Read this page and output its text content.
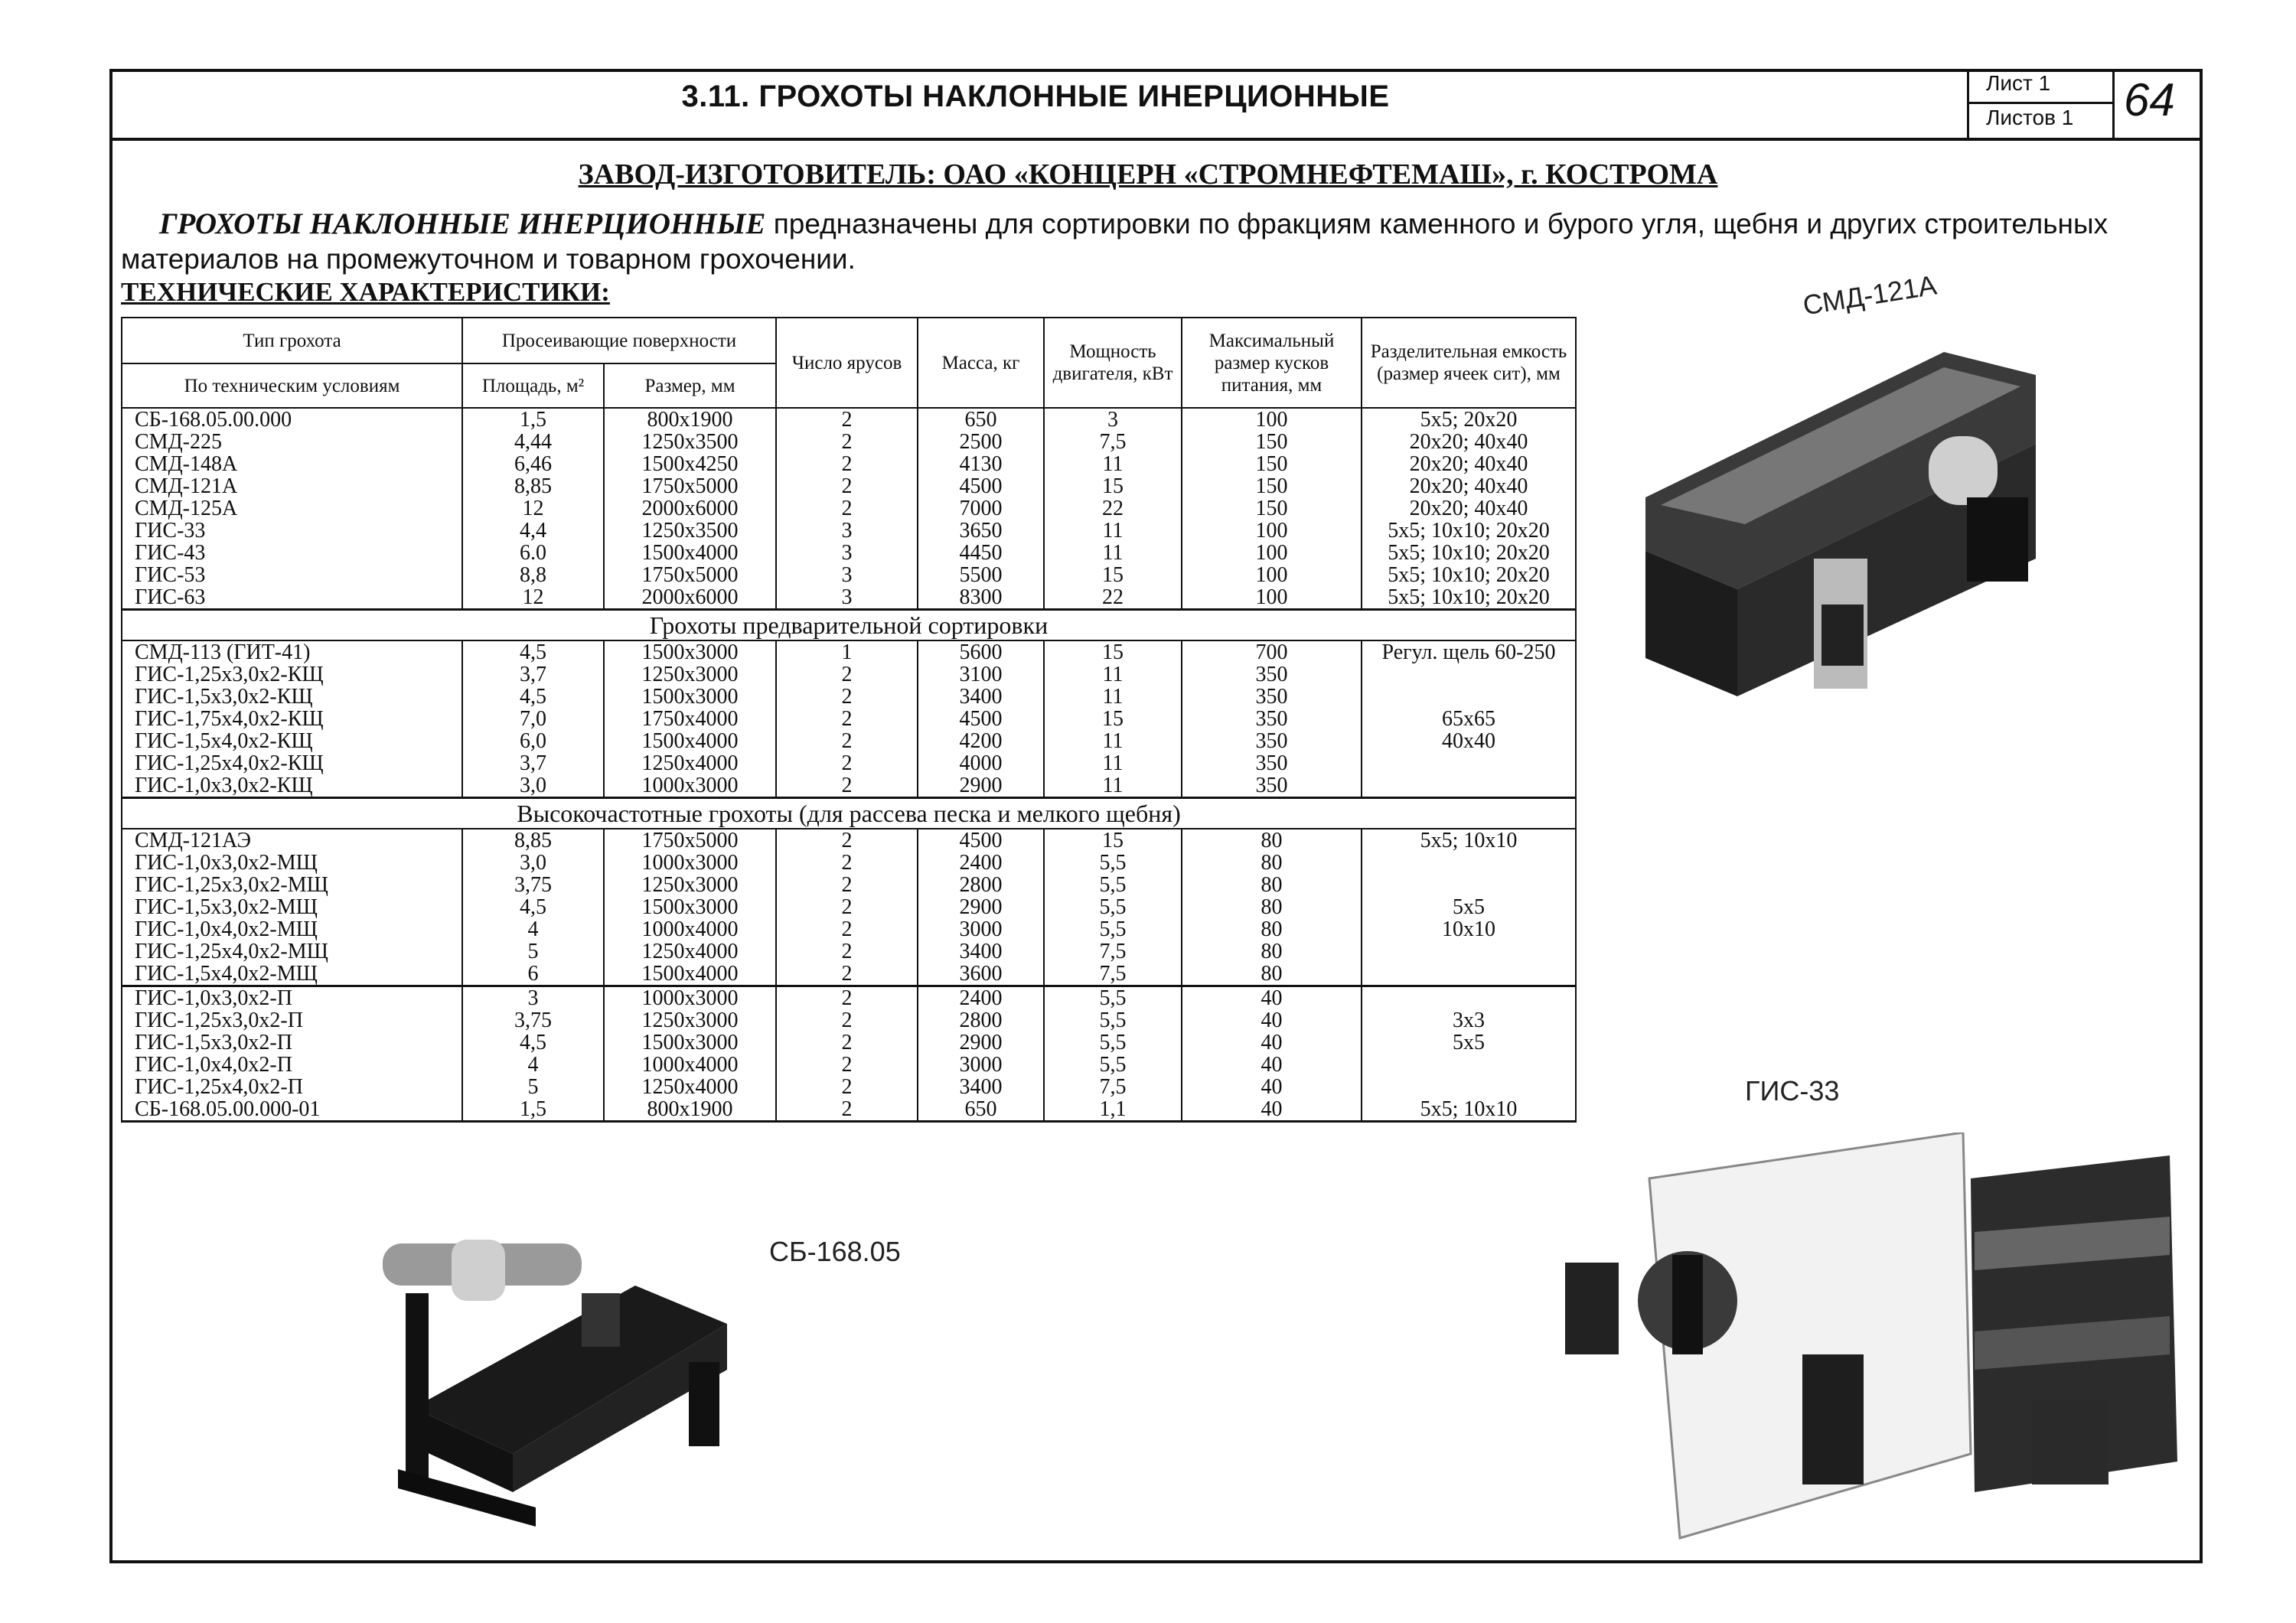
3.11. ГРОХОТЫ НАКЛОННЫЕ ИНЕРЦИОННЫЕ	Лист 1
Листов 1 64
ЗАВОД-ИЗГОТОВИТЕЛЬ: ОАО «КОНЦЕРН «СТРОМНЕФТЕМАШ», г. КОСТРОМА

ГРОХОТЫ НАКЛОННЫЕ ИНЕРЦИОННЫЕ предназначены для сортировки по фракциям каменного и бурого угля, щебня и других строительных материалов на промежуточном и товарном грохочении.

ТЕХНИЧЕСКИЕ ХАРАКТЕРИСТИКИ:
Тип грохота	Просеивающие поверхности		Число ярусов	Масса, кг	Мощность двигателя, кВт	Максимальный размер кусков питания, мм	Разделительная емкость (размер ячеек сит), мм
По техническим условиям	Площадь, м²	Размер, мм					
СБ-168.05.00.000	1,5	800х1900	2	650	3	100	5х5; 20х20
СМД-225	4,44	1250х3500	2	2500	7,5	150	20х20; 40х40
СМД-148А	6,46	1500х4250	2	4130	11	150	20х20; 40х40
СМД-121А	8,85	1750х5000	2	4500	15	150	20х20; 40х40
СМД-125А	12	2000х6000	2	7000	22	150	20х20; 40х40
ГИС-33	4,4	1250х3500	3	3650	11	100	5х5; 10х10; 20х20
ГИС-43	6.0	1500х4000	3	4450	11	100	5х5; 10х10; 20х20
ГИС-53	8,8	1750х5000	3	5500	15	100	5х5; 10х10; 20х20
ГИС-63	12	2000х6000	3	8300	22	100	5х5; 10х10; 20х20
Грохоты предварительной сортировки							
СМД-113 (ГИТ-41)	4,5	1500х3000	1	5600	15	700	Регул. щель 60-250
ГИС-1,25х3,0х2-КЩ	3,7	1250х3000	2	3100	11	350	
ГИС-1,5х3,0х2-КЩ	4,5	1500х3000	2	3400	11	350	
ГИС-1,75х4,0х2-КЩ	7,0	1750х4000	2	4500	15	350	65х65
ГИС-1,5х4,0х2-КЩ	6,0	1500х4000	2	4200	11	350	40х40
ГИС-1,25х4,0х2-КЩ	3,7	1250х4000	2	4000	11	350	
ГИС-1,0х3,0х2-КЩ	3,0	1000х3000	2	2900	11	350	
Высокочастотные грохоты (для рассева песка и мелкого щебня)							
СМД-121АЭ	8,85	1750х5000	2	4500	15	80	5х5; 10х10
ГИС-1,0х3,0х2-МЩ	3,0	1000х3000	2	2400	5,5	80	
ГИС-1,25х3,0х2-МЩ	3,75	1250х3000	2	2800	5,5	80	
ГИС-1,5х3,0х2-МЩ	4,5	1500х3000	2	2900	5,5	80	5х5
ГИС-1,0х4,0х2-МЩ	4	1000х4000	2	3000	5,5	80	10х10
ГИС-1,25х4,0х2-МЩ	5	1250х4000	2	3400	7,5	80	
ГИС-1,5х4,0х2-МЩ	6	1500х4000	2	3600	7,5	80	
ГИС-1,0х3,0х2-П	3	1000х3000	2	2400	5,5	40	
ГИС-1,25х3,0х2-П	3,75	1250х3000	2	2800	5,5	40	3х3
ГИС-1,5х3,0х2-П	4,5	1500х3000	2	2900	5,5	40	5х5
ГИС-1,0х4,0х2-П	4	1000х4000	2	3000	5,5	40	
ГИС-1,25х4,0х2-П	5	1250х4000	2	3400	7,5	40	
СБ-168.05.00.000-01	1,5	800х1900	2	650	1,1	40	5х5; 10х10
СМД-121А
ГИС-33
СБ-168.05
